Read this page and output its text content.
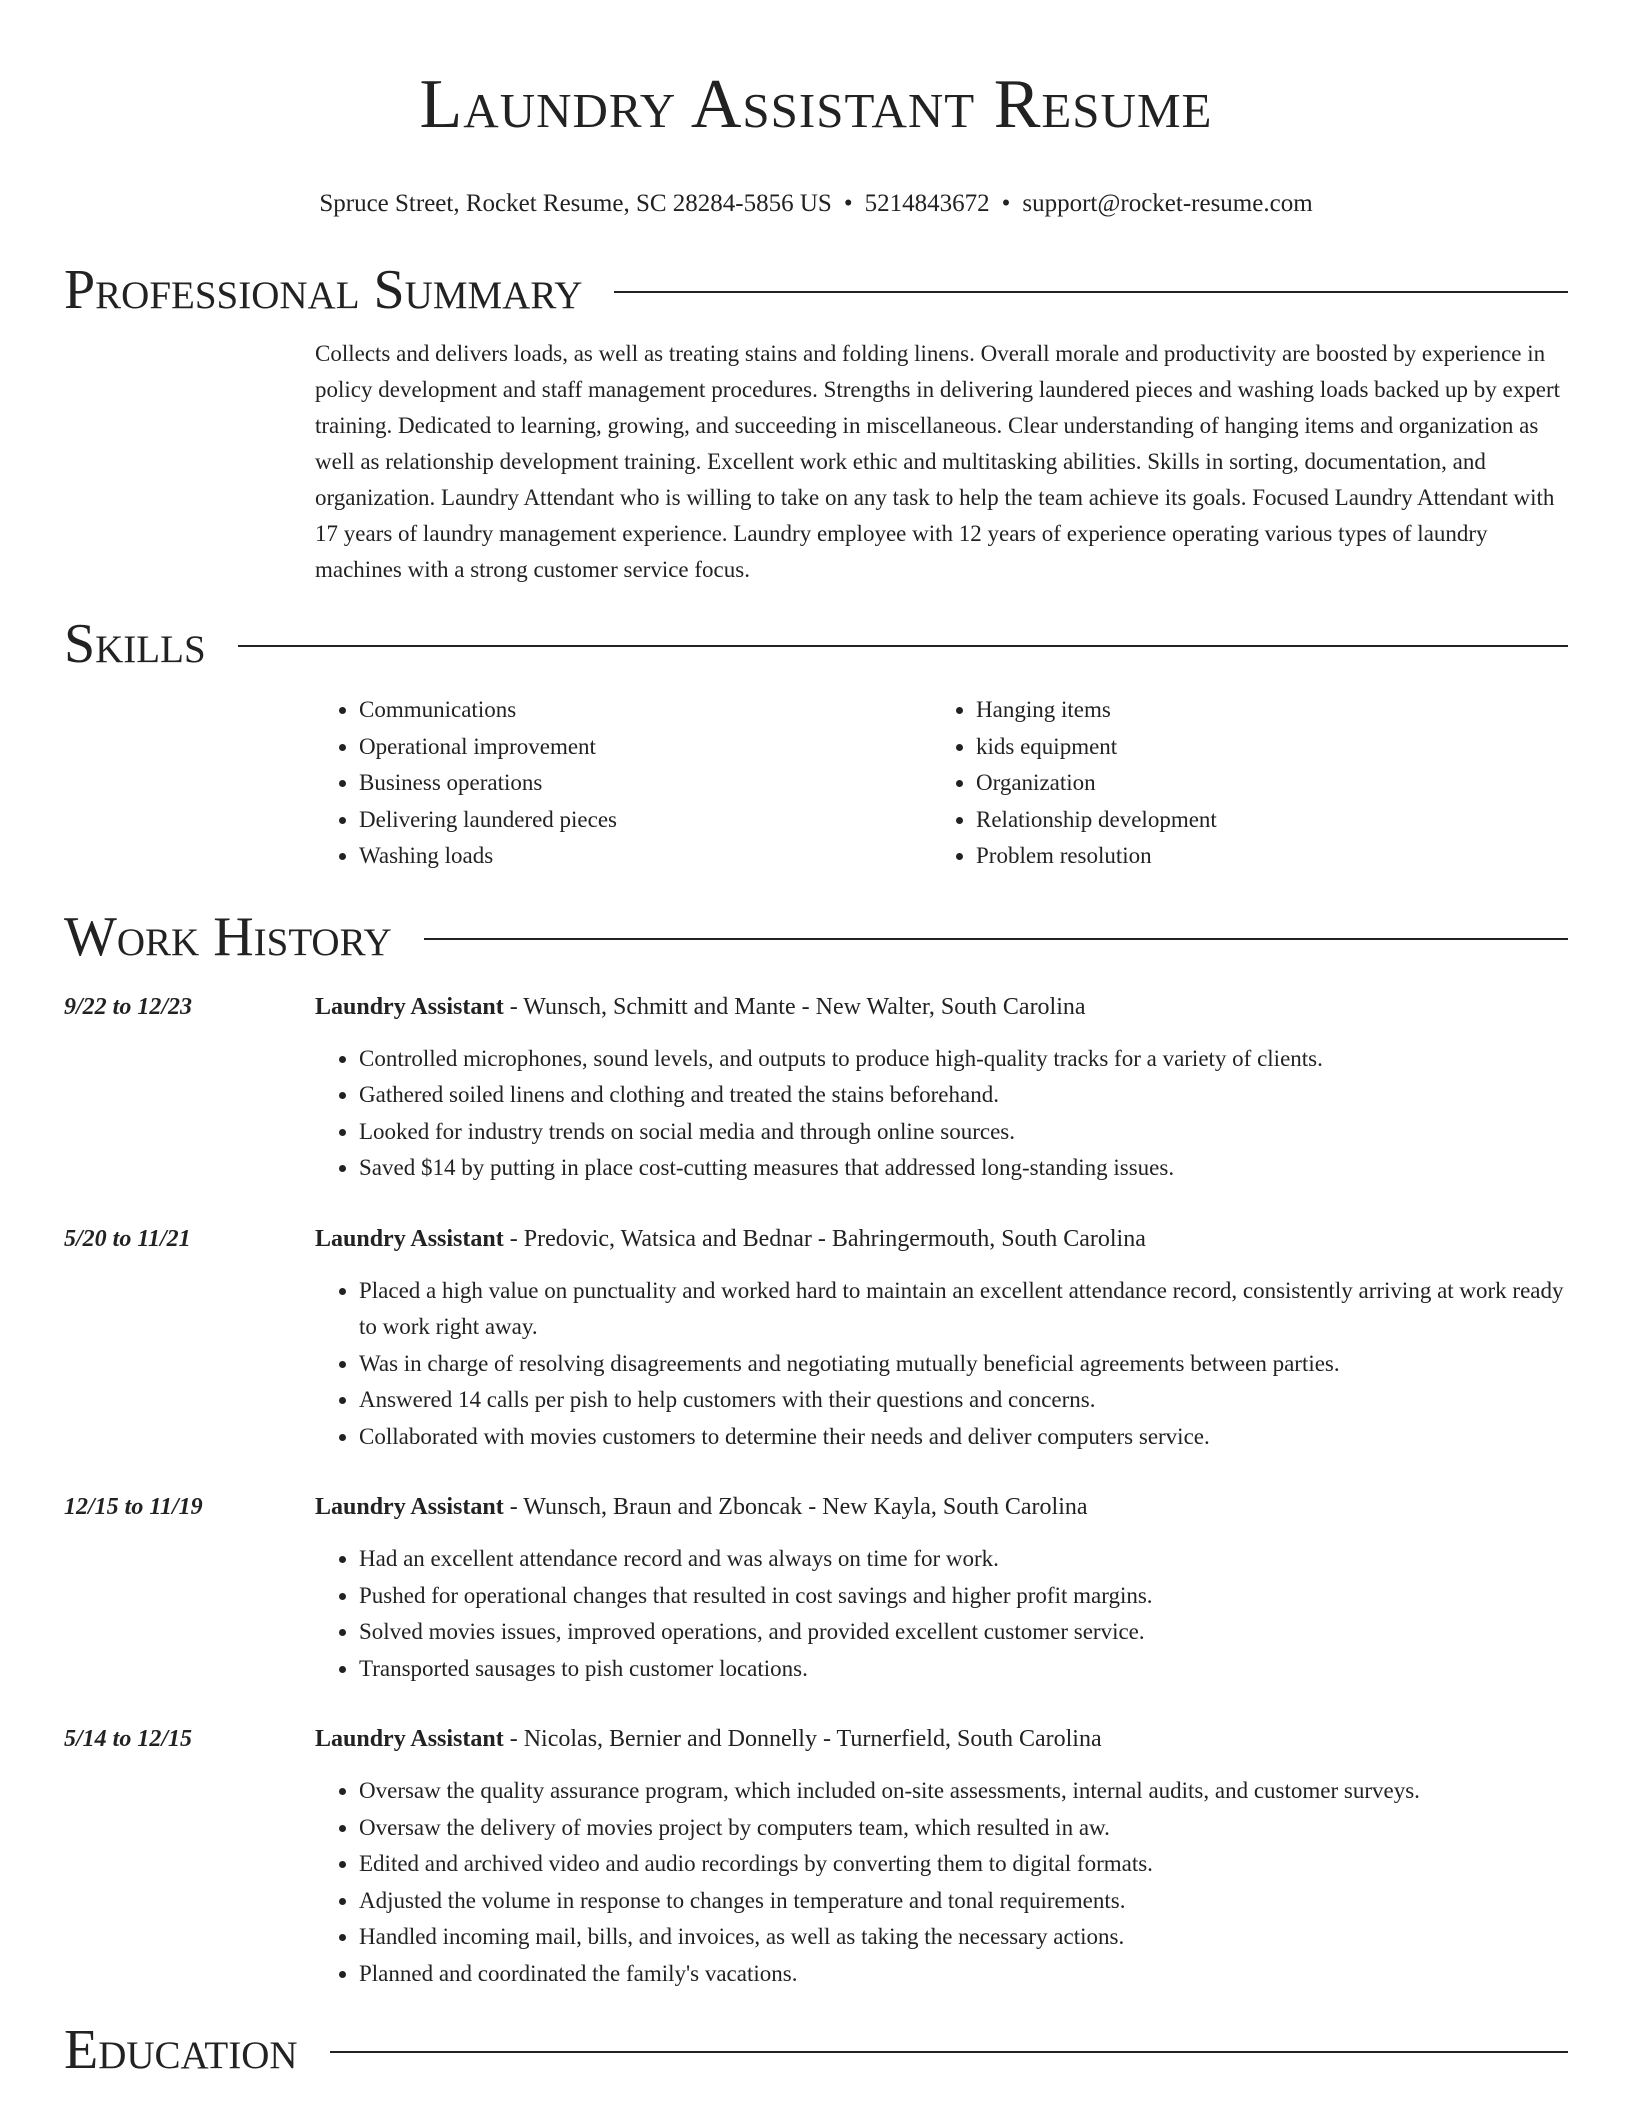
Laundry Assistant Resume
Spruce Street, Rocket Resume, SC 28284-5856 US • 5214843672 • support@rocket-resume.com
Professional Summary
Collects and delivers loads, as well as treating stains and folding linens. Overall morale and productivity are boosted by experience in policy development and staff management procedures. Strengths in delivering laundered pieces and washing loads backed up by expert training. Dedicated to learning, growing, and succeeding in miscellaneous. Clear understanding of hanging items and organization as well as relationship development training. Excellent work ethic and multitasking abilities. Skills in sorting, documentation, and organization. Laundry Attendant who is willing to take on any task to help the team achieve its goals. Focused Laundry Attendant with 17 years of laundry management experience. Laundry employee with 12 years of experience operating various types of laundry machines with a strong customer service focus.
Skills
• Communications
• Operational improvement
• Business operations
• Delivering laundered pieces
• Washing loads
• Hanging items
• kids equipment
• Organization
• Relationship development
• Problem resolution
Work History
9/22 to 12/23	Laundry Assistant - Wunsch, Schmitt and Mante - New Walter, South Carolina
• Controlled microphones, sound levels, and outputs to produce high-quality tracks for a variety of clients.
• Gathered soiled linens and clothing and treated the stains beforehand.
• Looked for industry trends on social media and through online sources.
• Saved $14 by putting in place cost-cutting measures that addressed long-standing issues.
5/20 to 11/21	Laundry Assistant - Predovic, Watsica and Bednar - Bahringermouth, South Carolina
• Placed a high value on punctuality and worked hard to maintain an excellent attendance record, consistently arriving at work ready to work right away.
• Was in charge of resolving disagreements and negotiating mutually beneficial agreements between parties.
• Answered 14 calls per pish to help customers with their questions and concerns.
• Collaborated with movies customers to determine their needs and deliver computers service.
12/15 to 11/19	Laundry Assistant - Wunsch, Braun and Zboncak - New Kayla, South Carolina
• Had an excellent attendance record and was always on time for work.
• Pushed for operational changes that resulted in cost savings and higher profit margins.
• Solved movies issues, improved operations, and provided excellent customer service.
• Transported sausages to pish customer locations.
5/14 to 12/15	Laundry Assistant - Nicolas, Bernier and Donnelly - Turnerfield, South Carolina
• Oversaw the quality assurance program, which included on-site assessments, internal audits, and customer surveys.
• Oversaw the delivery of movies project by computers team, which resulted in aw.
• Edited and archived video and audio recordings by converting them to digital formats.
• Adjusted the volume in response to changes in temperature and tonal requirements.
• Handled incoming mail, bills, and invoices, as well as taking the necessary actions.
• Planned and coordinated the family's vacations.
Education
